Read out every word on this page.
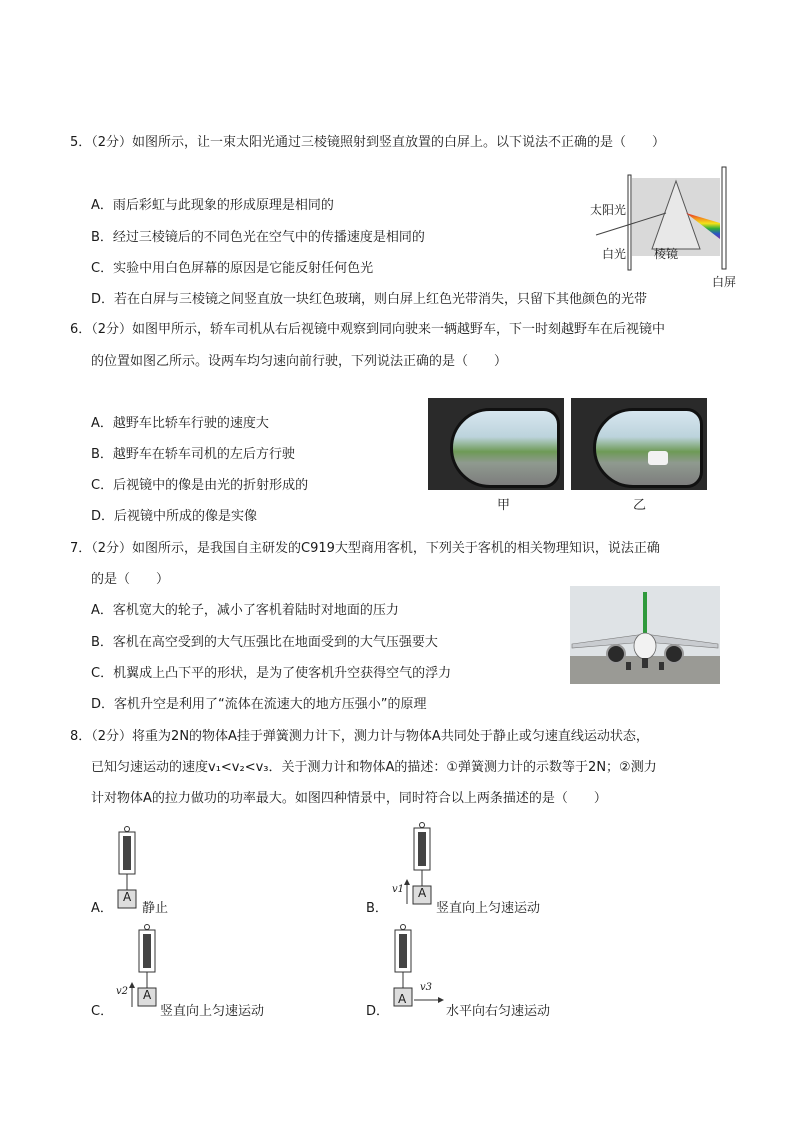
5．（2分）如图所示，让一束太阳光通过三棱镜照射到竖直放置的白屏上。以下说法不正确的是（　　）
A．雨后彩虹与此现象的形成原理是相同的
B．经过三棱镜后的不同色光在空气中的传播速度是相同的
C．实验中用白色屏幕的原因是它能反射任何色光
D．若在白屏与三棱镜之间竖直放一块红色玻璃，则白屏上红色光带消失，只留下其他颜色的光带
太阳光
白光 棱镜
白屏
6．（2分）如图甲所示，轿车司机从右后视镜中观察到同向驶来一辆越野车，下一时刻越野车在后视镜中
的位置如图乙所示。设两车均匀速向前行驶，下列说法正确的是（　　）
A．越野车比轿车行驶的速度大
B．越野车在轿车司机的左后方行驶
C．后视镜中的像是由光的折射形成的
D．后视镜中所成的像是实像
甲	乙
7．（2分）如图所示，是我国自主研发的C919大型商用客机，下列关于客机的相关物理知识，说法正确
的是（　　）
A．客机宽大的轮子，减小了客机着陆时对地面的压力
B．客机在高空受到的大气压强比在地面受到的大气压强要大
C．机翼成上凸下平的形状，是为了使客机升空获得空气的浮力
D．客机升空是利用了“流体在流速大的地方压强小”的原理
8．（2分）将重为2N的物体A挂于弹簧测力计下，测力计与物体A共同处于静止或匀速直线运动状态，
已知匀速运动的速度v₁<v₂<v₃．关于测力计和物体A的描述：①弹簧测力计的示数等于2N；②测力
计对物体A的拉力做功的功率最大。如图四种情景中，同时符合以上两条描述的是（　　）
A
A． 静止
v1 A
B．	竖直向上匀速运动
v2 A
C．	竖直向上匀速运动
v3
A
D．	水平向右匀速运动
